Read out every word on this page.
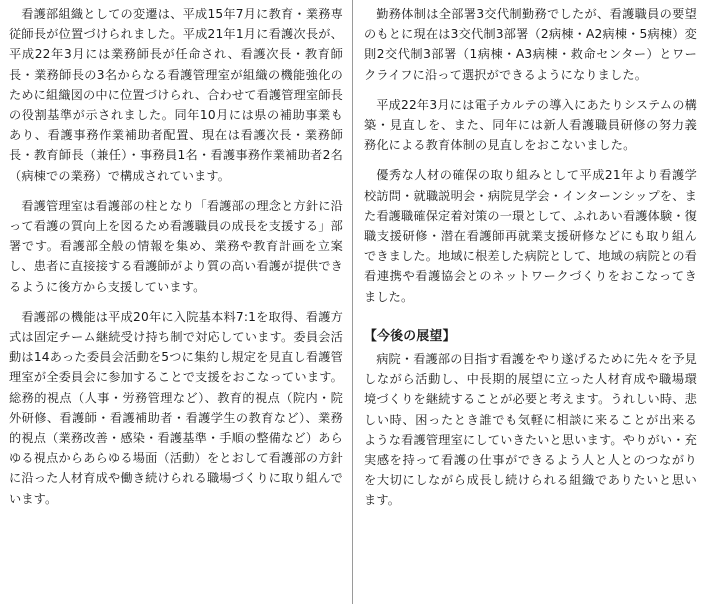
看護部組織としての変遷は、平成15年7月に教育・業務専従師長が位置づけられました。平成21年1月に看護次長が、平成22年3月には業務師長が任命され、看護次長・教育師長・業務師長の3名からなる看護管理室が組織の機能強化のために組織図の中に位置づけられ、合わせて看護管理室師長の役割基準が示されました。同年10月には県の補助事業もあり、看護事務作業補助者配置、現在は看護次長・業務師長・教育師長（兼任）・事務員1名・看護事務作業補助者2名（病棟での業務）で構成されています。

看護管理室は看護部の柱となり「看護部の理念と方針に沿って看護の質向上を図るため看護職員の成長を支援する」部署です。看護部全般の情報を集め、業務や教育計画を立案し、患者に直接接する看護師がより質の高い看護が提供できるように後方から支援しています。

看護部の機能は平成20年に入院基本料7:1を取得、看護方式は固定チーム継続受け持ち制で対応しています。委員会活動は14あった委員会活動を5つに集約し規定を見直し看護管理室が全委員会に参加することで支援をおこなっています。総務的視点（人事・労務管理など）、教育的視点（院内・院外研修、看護師・看護補助者・看護学生の教育など）、業務的視点（業務改善・感染・看護基準・手順の整備など）あらゆる視点からあらゆる場面（活動）をとおして看護部の方針に沿った人材育成や働き続けられる職場づくりに取り組んでいます。

勤務体制は全部署3交代制勤務でしたが、看護職員の要望のもとに現在は3交代制3部署（2病棟・A2病棟・5病棟）変則2交代制3部署（1病棟・A3病棟・救命センター）とワークライフに沿って選択ができるようになりました。

平成22年3月には電子カルテの導入にあたりシステムの構築・見直しを、また、同年には新人看護職員研修の努力義務化による教育体制の見直しをおこないました。

優秀な人材の確保の取り組みとして平成21年より看護学校訪問・就職説明会・病院見学会・インターンシップを、また看護職確保定着対策の一環として、ふれあい看護体験・復職支援研修・潜在看護師再就業支援研修などにも取り組んできました。地域に根差した病院として、地域の病院との看看連携や看護協会とのネットワークづくりをおこなってきました。

【今後の展望】

病院・看護部の目指す看護をやり遂げるために先々を予見しながら活動し、中長期的展望に立った人材育成や職場環境づくりを継続することが必要と考えます。うれしい時、悲しい時、困ったとき誰でも気軽に相談に来ることが出来るような看護管理室にしていきたいと思います。やりがい・充実感を持って看護の仕事ができるよう人と人とのつながりを大切にしながら成長し続けられる組織でありたいと思います。
